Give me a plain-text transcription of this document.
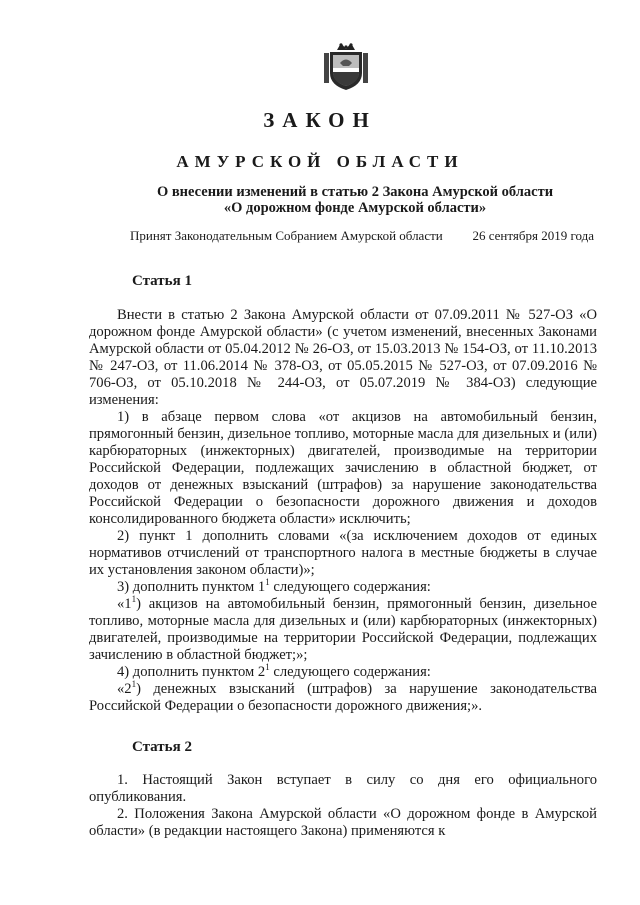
ЗАКОН
АМУРСКОЙ ОБЛАСТИ
О внесении изменений в статью 2 Закона Амурской области
«О дорожном фонде Амурской области»
Принят Законодательным Собранием Амурской области 26 сентября 2019 года
Статья 1

Внести в статью 2 Закона Амурской области от 07.09.2011 № 527-ОЗ «О дорожном фонде Амурской области» (с учетом изменений, внесенных Законами Амурской области от 05.04.2012 № 26-ОЗ, от 15.03.2013 № 154-ОЗ, от 11.10.2013 № 247-ОЗ, от 11.06.2014 № 378-ОЗ, от 05.05.2015 № 527-ОЗ, от 07.09.2016 № 706-ОЗ, от 05.10.2018 № 244-ОЗ, от 05.07.2019 № 384-ОЗ) следующие изменения:

1) в абзаце первом слова «от акцизов на автомобильный бензин, прямогонный бензин, дизельное топливо, моторные масла для дизельных и (или) карбюраторных (инжекторных) двигателей, производимые на территории Российской Федерации, подлежащих зачислению в областной бюджет, от доходов от денежных взысканий (штрафов) за нарушение законодательства Российской Федерации о безопасности дорожного движения и доходов консолидированного бюджета области» исключить;

2) пункт 1 дополнить словами «(за исключением доходов от единых нормативов отчислений от транспортного налога в местные бюджеты в случае их установления законом области)»;

3) дополнить пунктом $1^1$ следующего содержания:

«$1^1$) акцизов на автомобильный бензин, прямогонный бензин, дизельное топливо, моторные масла для дизельных и (или) карбюраторных (инжекторных) двигателей, производимые на территории Российской Федерации, подлежащих зачислению в областной бюджет;»;

4) дополнить пунктом $2^1$ следующего содержания:

«$2^1$) денежных взысканий (штрафов) за нарушение законодательства Российской Федерации о безопасности дорожного движения;».

Статья 2

1. Настоящий Закон вступает в силу со дня его официального опубликования.

2. Положения Закона Амурской области «О дорожном фонде в Амурской области» (в редакции настоящего Закона) применяются к
